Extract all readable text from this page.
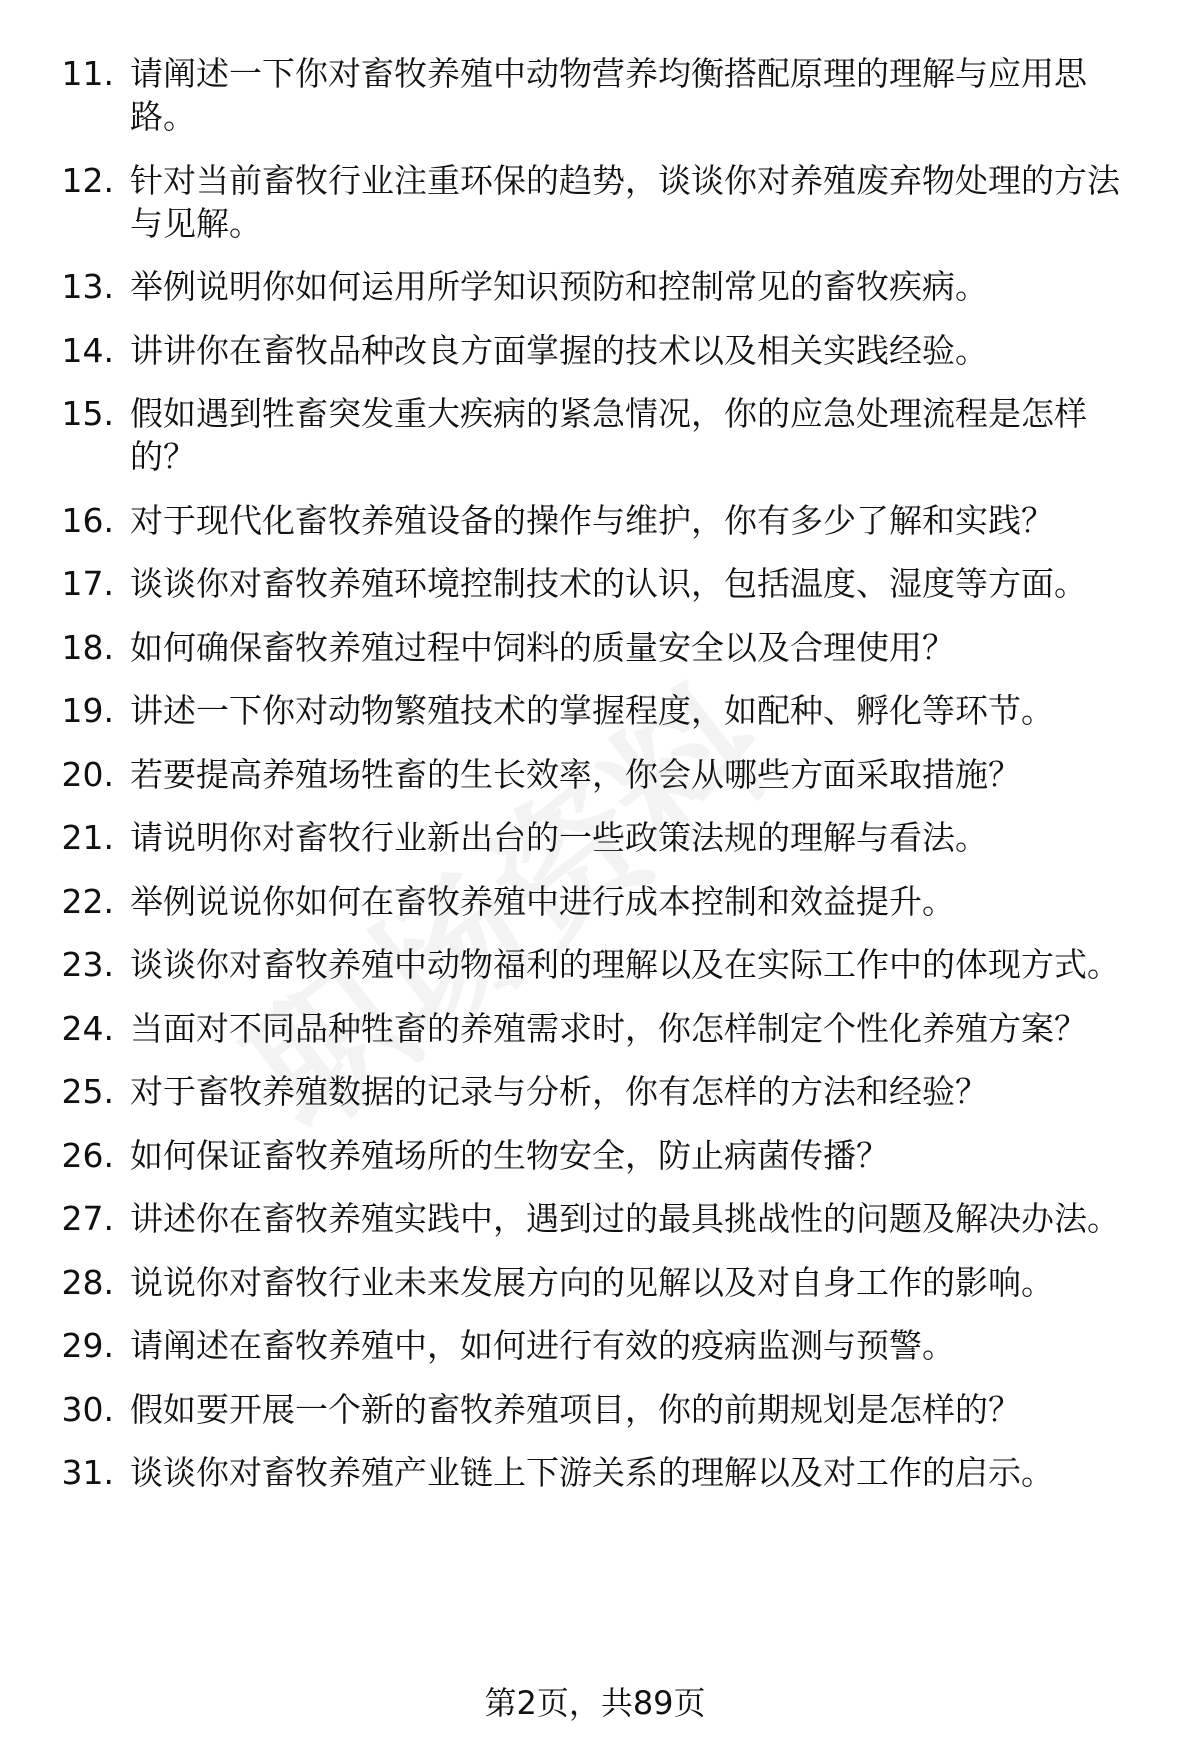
11. 请阐述一下你对畜牧养殖中动物营养均衡搭配原理的理解与应用思路。
12. 针对当前畜牧行业注重环保的趋势，谈谈你对养殖废弃物处理的方法与见解。
13. 举例说明你如何运用所学知识预防和控制常见的畜牧疾病。
14. 讲讲你在畜牧品种改良方面掌握的技术以及相关实践经验。
15. 假如遇到牲畜突发重大疾病的紧急情况，你的应急处理流程是怎样的？
16. 对于现代化畜牧养殖设备的操作与维护，你有多少了解和实践？
17. 谈谈你对畜牧养殖环境控制技术的认识，包括温度、湿度等方面。
18. 如何确保畜牧养殖过程中饲料的质量安全以及合理使用？
19. 讲述一下你对动物繁殖技术的掌握程度，如配种、孵化等环节。
20. 若要提高养殖场牲畜的生长效率，你会从哪些方面采取措施？
21. 请说明你对畜牧行业新出台的一些政策法规的理解与看法。
22. 举例说说你如何在畜牧养殖中进行成本控制和效益提升。
23. 谈谈你对畜牧养殖中动物福利的理解以及在实际工作中的体现方式。
24. 当面对不同品种牲畜的养殖需求时，你怎样制定个性化养殖方案？
25. 对于畜牧养殖数据的记录与分析，你有怎样的方法和经验？
26. 如何保证畜牧养殖场所的生物安全，防止病菌传播？
27. 讲述你在畜牧养殖实践中，遇到过的最具挑战性的问题及解决办法。
28. 说说你对畜牧行业未来发展方向的见解以及对自身工作的影响。
29. 请阐述在畜牧养殖中，如何进行有效的疫病监测与预警。
30. 假如要开展一个新的畜牧养殖项目，你的前期规划是怎样的？
31. 谈谈你对畜牧养殖产业链上下游关系的理解以及对工作的启示。
第2页，共89页
